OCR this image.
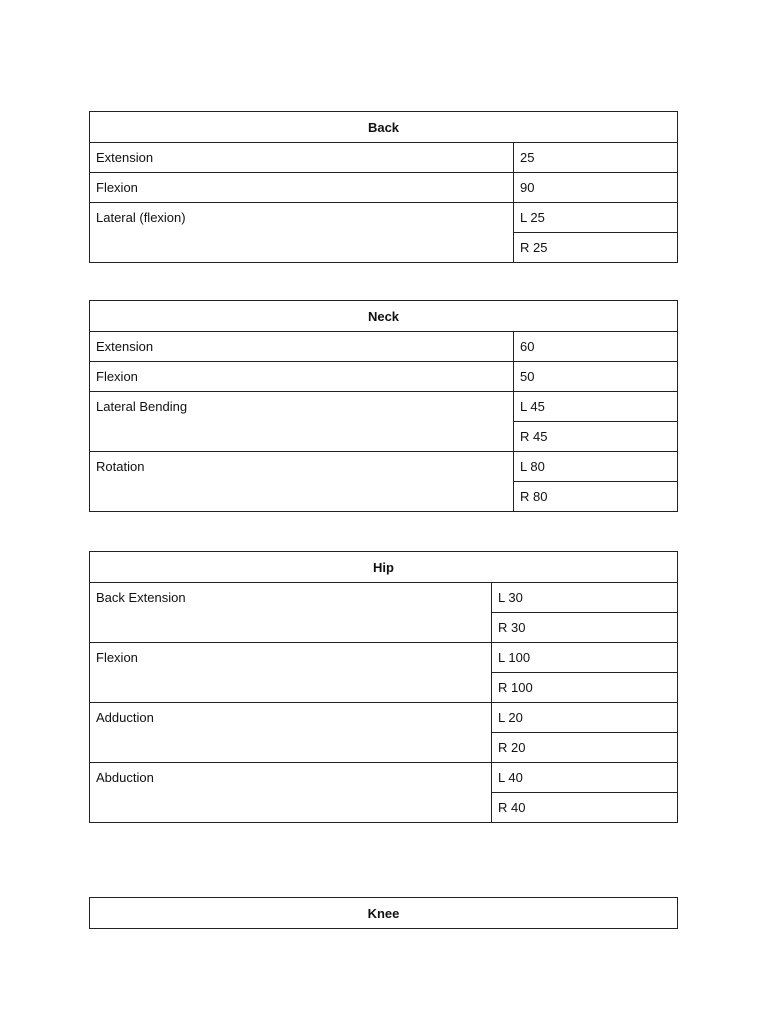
Back	
Extension	25
Flexion	90
Lateral (flexion)	L 25
	R 25
Neck	
Extension	60
Flexion	50
Lateral Bending	L 45
	R 45
Rotation	L 80
	R 80
Hip	
Back Extension	L 30
	R 30
Flexion	L 100
	R 100
Adduction	L 20
	R 20
Abduction	L 40
	R 40
Knee
